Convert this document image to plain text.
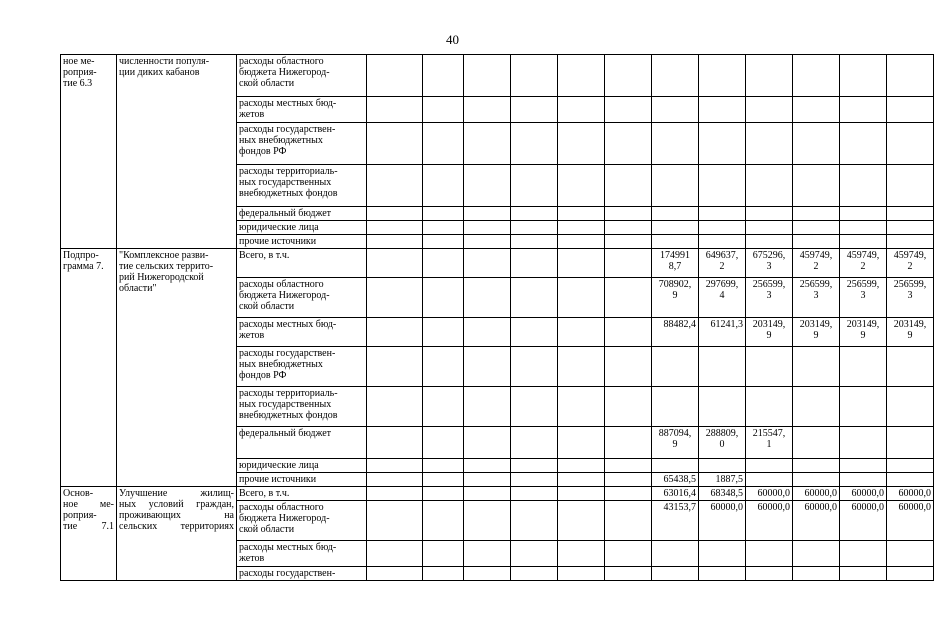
40
ное ме-
роприя-
тие 6.3	численности популя-
ции диких кабанов	расходы областного
бюджета Нижегород-
ской области												

		расходы местных бюд-
жетов												

		расходы государствен-
ных внебюджетных
фондов РФ												

		расходы территориаль-
ных государственных
внебюджетных фондов												

		федеральный бюджет												

		юридические лица												

		прочие источники												

Подпро-
грамма 7.	"Комплексное разви-
тие сельских террито-
рий Нижегородской
области"	Всего, в т.ч.							174991
8,7	649637,
2	675296,
3	459749,
2	459749,
2	459749,
2

		расходы областного
бюджета Нижегород-
ской области							708902,
9	297699,
4	256599,
3	256599,
3	256599,
3	256599,
3

		расходы местных бюд-
жетов							88482,4	61241,3	203149,
9	203149,
9	203149,
9	203149,
9

		расходы государствен-
ных внебюджетных
фондов РФ												

		расходы территориаль-
ных государственных
внебюджетных фондов												

		федеральный бюджет							887094,
9	288809,
0	215547,
1			

		юридические лица												

		прочие источники							65438,5	1887,5				

Основ-
ное ме-
роприя-
тие 7.1	Улучшение жилищ-
ных условий граждан,
проживающих на
сельских территориях	Всего, в т.ч.							63016,4	68348,5	60000,0	60000,0	60000,0	60000,0

		расходы областного
бюджета Нижегород-
ской области							43153,7	60000,0	60000,0	60000,0	60000,0	60000,0

		расходы местных бюд-
жетов												

		расходы государствен-												
